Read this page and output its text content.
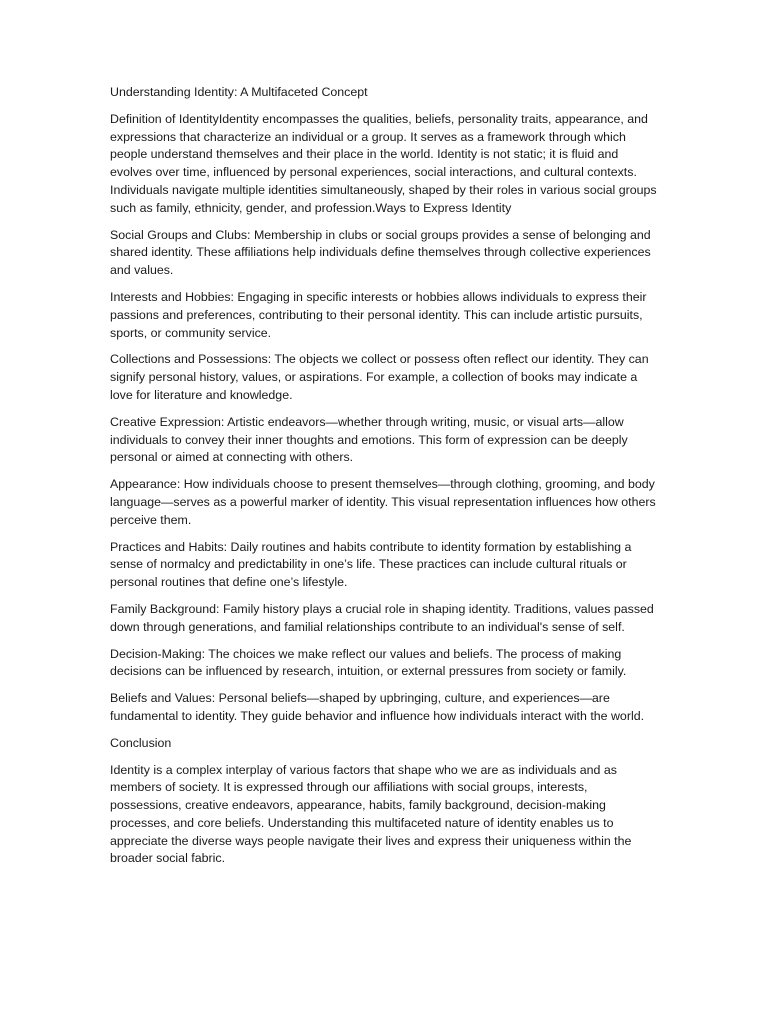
Understanding Identity: A Multifaceted Concept

Definition of IdentityIdentity encompasses the qualities, beliefs, personality traits, appearance, and expressions that characterize an individual or a group. It serves as a framework through which people understand themselves and their place in the world. Identity is not static; it is fluid and evolves over time, influenced by personal experiences, social interactions, and cultural contexts. Individuals navigate multiple identities simultaneously, shaped by their roles in various social groups such as family, ethnicity, gender, and profession.Ways to Express Identity

Social Groups and Clubs: Membership in clubs or social groups provides a sense of belonging and shared identity. These affiliations help individuals define themselves through collective experiences and values.

Interests and Hobbies: Engaging in specific interests or hobbies allows individuals to express their passions and preferences, contributing to their personal identity. This can include artistic pursuits, sports, or community service.

Collections and Possessions: The objects we collect or possess often reflect our identity. They can signify personal history, values, or aspirations. For example, a collection of books may indicate a love for literature and knowledge.

Creative Expression: Artistic endeavors—whether through writing, music, or visual arts—allow individuals to convey their inner thoughts and emotions. This form of expression can be deeply personal or aimed at connecting with others.

Appearance: How individuals choose to present themselves—through clothing, grooming, and body language—serves as a powerful marker of identity. This visual representation influences how others perceive them.

Practices and Habits: Daily routines and habits contribute to identity formation by establishing a sense of normalcy and predictability in one’s life. These practices can include cultural rituals or personal routines that define one’s lifestyle.

Family Background: Family history plays a crucial role in shaping identity. Traditions, values passed down through generations, and familial relationships contribute to an individual's sense of self.

Decision-Making: The choices we make reflect our values and beliefs. The process of making decisions can be influenced by research, intuition, or external pressures from society or family.

Beliefs and Values: Personal beliefs—shaped by upbringing, culture, and experiences—are fundamental to identity. They guide behavior and influence how individuals interact with the world.

Conclusion

Identity is a complex interplay of various factors that shape who we are as individuals and as members of society. It is expressed through our affiliations with social groups, interests, possessions, creative endeavors, appearance, habits, family background, decision-making processes, and core beliefs. Understanding this multifaceted nature of identity enables us to appreciate the diverse ways people navigate their lives and express their uniqueness within the broader social fabric.
